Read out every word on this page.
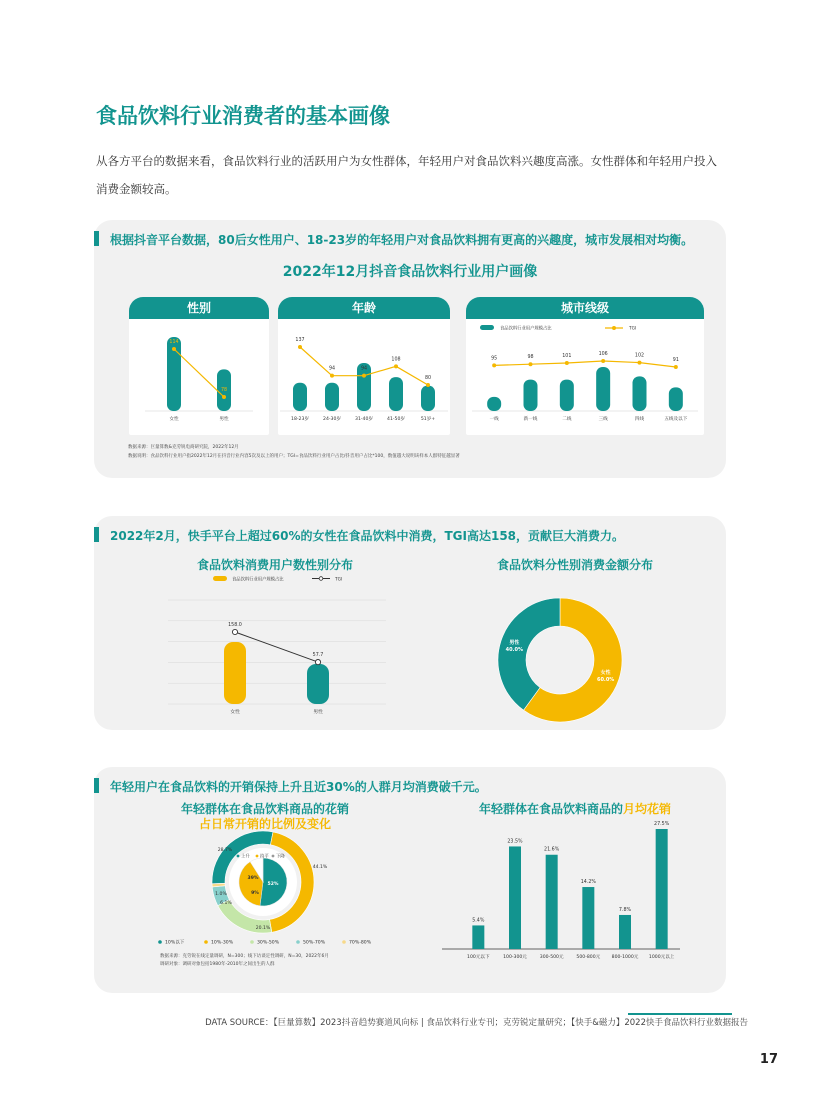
食品饮料行业消费者的基本画像
从各方平台的数据来看，食品饮料行业的活跃用户为女性群体，年轻用户对食品饮料兴趣度高涨。女性群体和年轻用户投入
消费金额较高。
根据抖音平台数据，80后女性用户、18-23岁的年轻用户对食品饮料拥有更高的兴趣度，城市发展相对均衡。
2022年12月抖音食品饮料行业用户画像
性别
女性	男性
114
78
年龄
18-23岁	24-30岁	31-40岁	41-50岁	51岁+
137
94	94
108
80
城市线级
一线	新一线	二线	三线	四线	五线及以下
95	98	101	106	102
91
食品饮料行业用户规模占比	TGI
数据来源：巨量算数&克劳锐电商研究院，2022年12月
数据说明：食品饮料行业用户指2022年12月在抖音行业内容5次及以上的用户；TGI=食品饮料行业用户占比/抖音用户占比*100，数值越大说明该样本人群特征越显著
2022年2月，快手平台上超过60%的女性在食品饮料中消费，TGI高达158，贡献巨大消费力。
食品饮料消费用户数性别分布	食品饮料分性别消费金额分布
食品饮料行业用户规模占比	TGI
女性	男性
158.0
57.7
女性
60.0%
男性
40.0%
年轻用户在食品饮料的开销保持上升且近30%的人群月均消费破千元。
年轻群体在食品饮料商品的花销
占日常开销的比例及变化
年轻群体在食品饮料商品的月均花销
28.7%
44.1%
20.1%
6.1%
1.0%
52%
39%
9%
上升 持平 下降
10%以下	10%-30%	30%-50%	50%-70%	70%-80%
数据来源：克劳锐在线定量调研，N=300；线下访谈定性调研，N=30，2022年6月
调研对象：调研对象包括1980年-2010年之间出生的人群
5.4%
100元以下
23.5%
100-300元
21.6%
300-500元
14.2%
500-800元
7.8%
800-1000元
27.5%
1000元以上
DATA SOURCE：【巨量算数】2023抖音趋势赛道风向标 | 食品饮料行业专刊；克劳锐定量研究；【快手&磁力】2022快手食品饮料行业数据报告
17
